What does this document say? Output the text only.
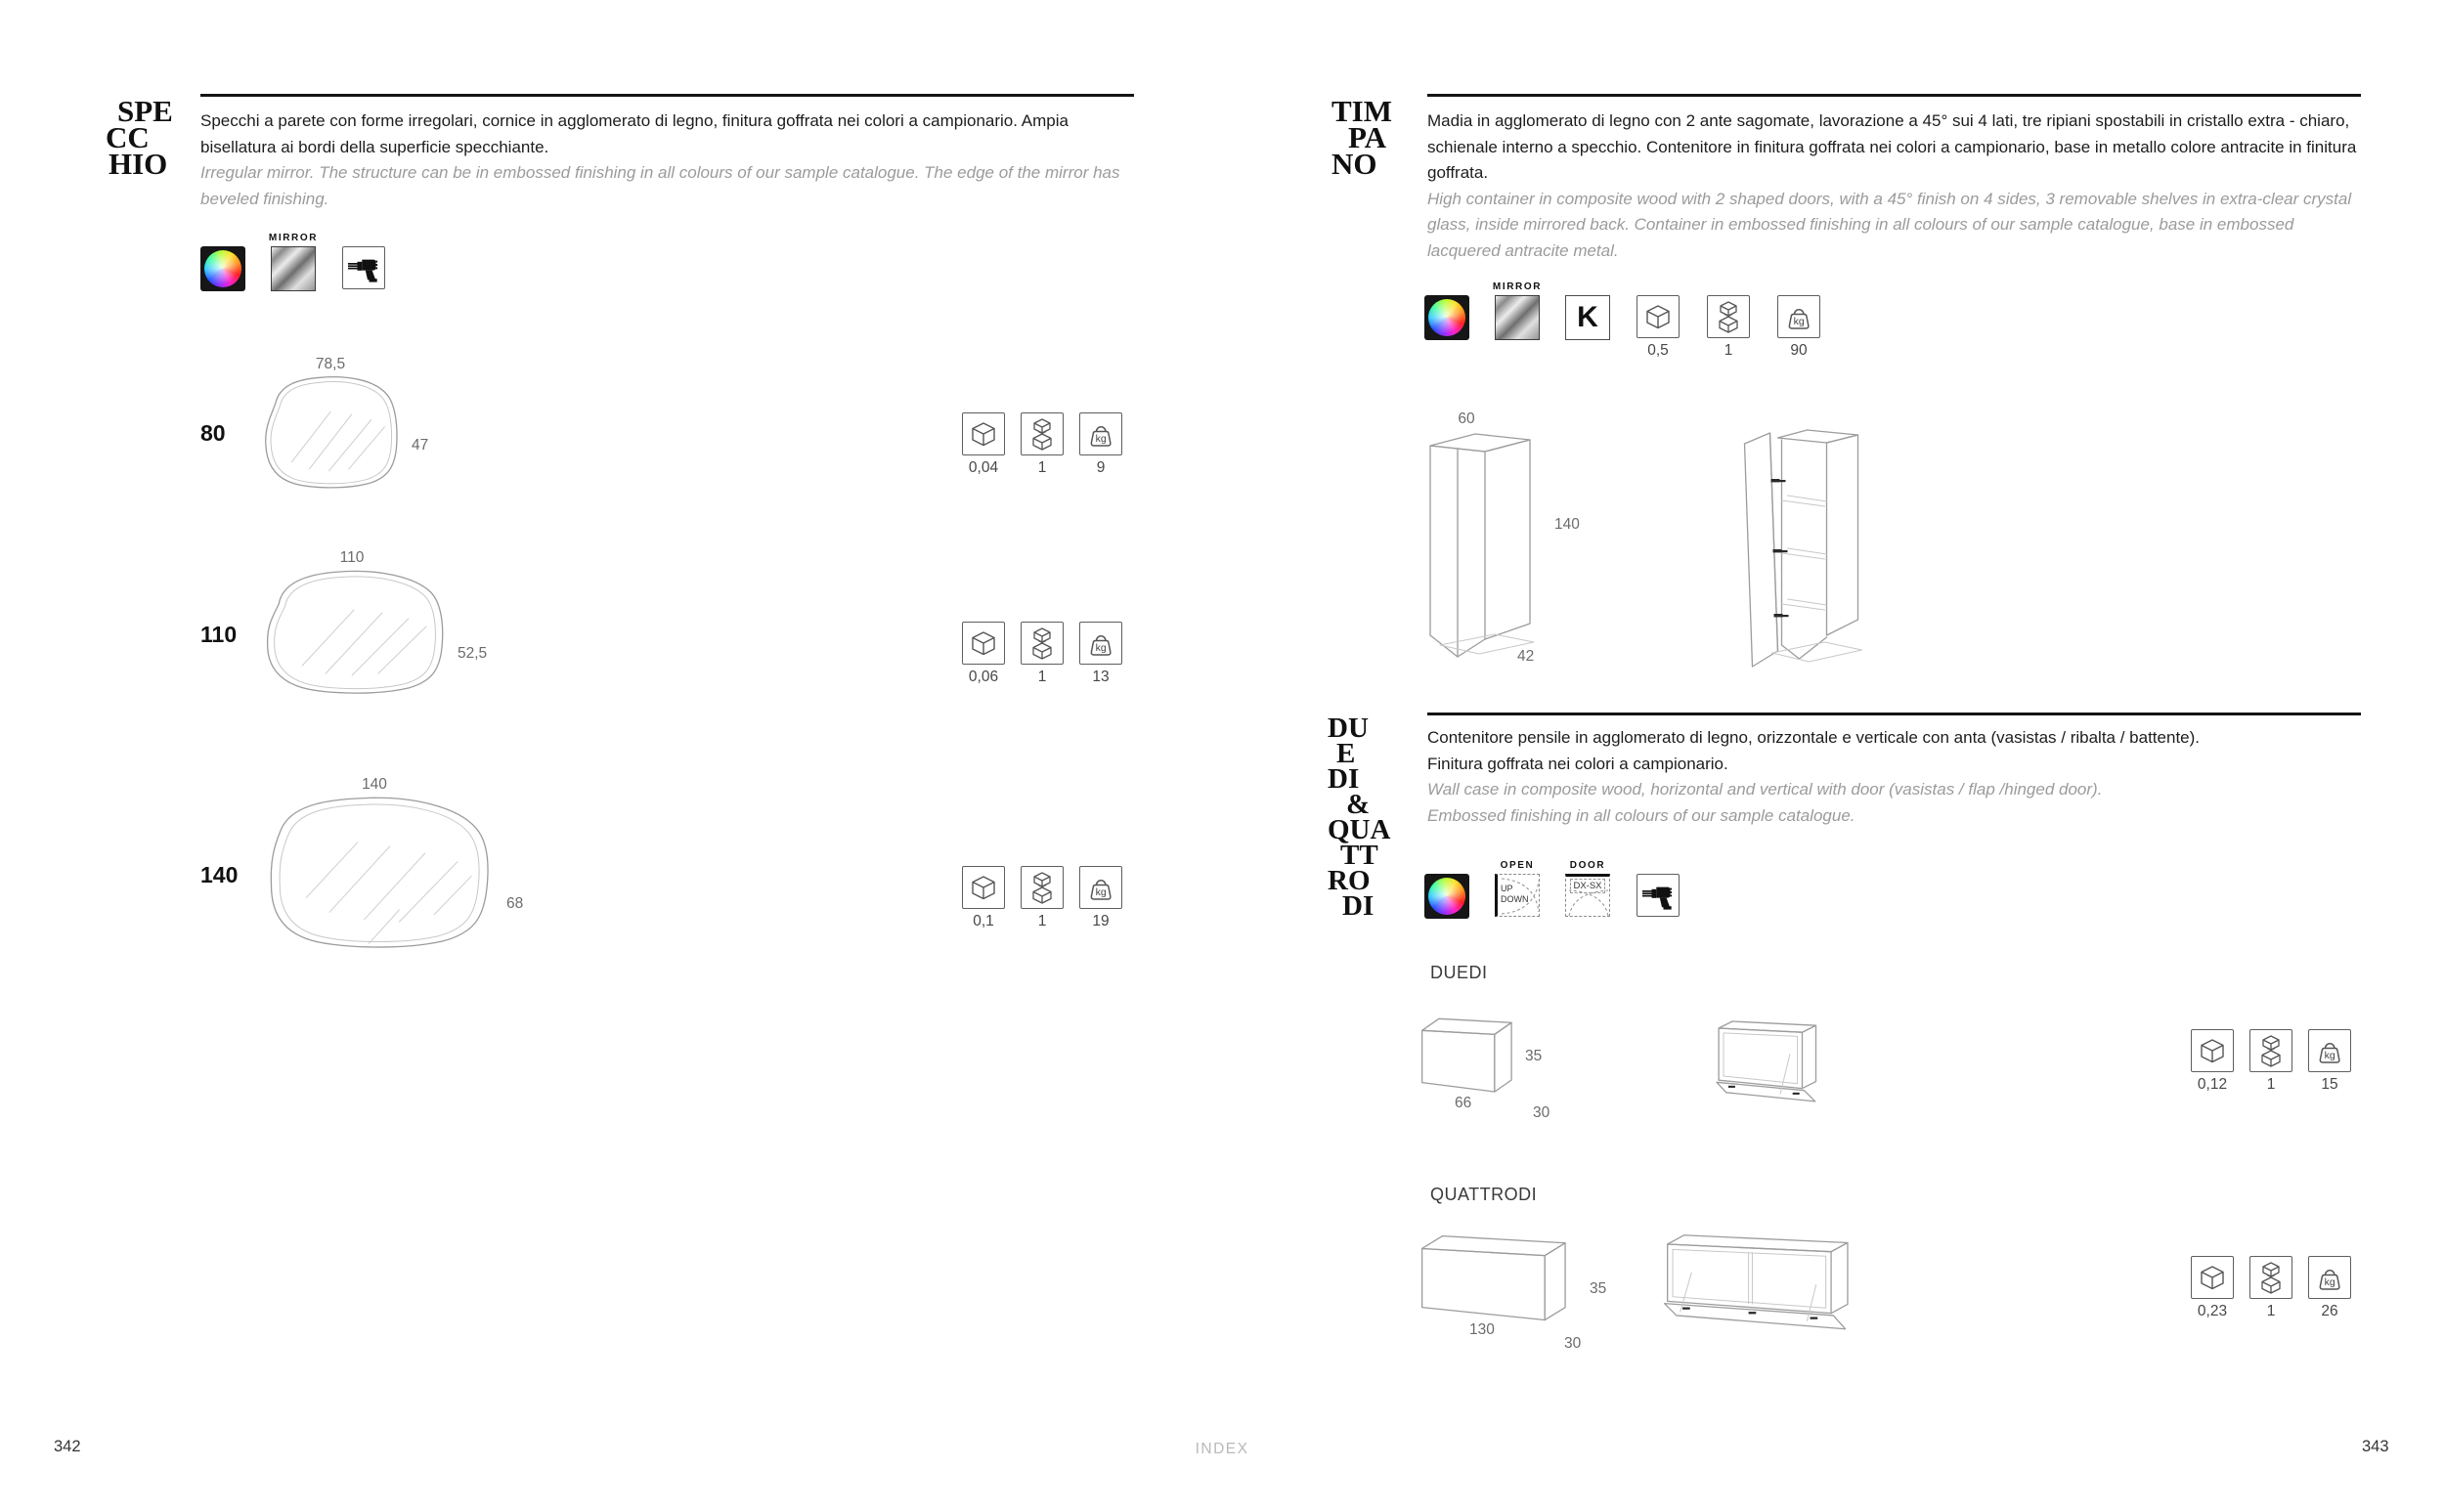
SPE
CC
HIO
Specchi a parete con forme irregolari, cornice in agglomerato di legno, finitura goffrata nei colori a campionario. Ampia bisellatura ai bordi della superficie specchiante.
Irregular mirror. The structure can be in embossed finishing in all colours of our sample catalogue. The edge of the mirror has beveled finishing.
MIRROR
80
78,5
47
0,04	1	9
110
110
52,5
0,06	1	13
140
140
68
0,1	1	19
TIM
PA
NO
Madia in agglomerato di legno con 2 ante sagomate, lavorazione a 45° sui 4 lati, tre ripiani spostabili in cristallo extra - chiaro, schienale interno a specchio. Contenitore in finitura goffrata nei colori a campionario, base in metallo colore antracite in finitura goffrata.
High container in composite wood with 2 shaped doors, with a 45° finish on 4 sides, 3 removable shelves in extra-clear crystal glass, inside mirrored back. Container in embossed finishing in all colours of our sample catalogue, base in embossed lacquered antracite metal.
MIRROR
K
0,5	1	90
60
140
42
DU
E
DI
&
QUA
TT
RO
DI
Contenitore pensile in agglomerato di legno, orizzontale e verticale con anta (vasistas / ribalta / battente).
Finitura goffrata nei colori a campionario.
Wall case in composite wood, horizontal and vertical with door (vasistas / flap /hinged door).
Embossed finishing in all colours of our sample catalogue.
OPEN
UP
DOWN
DOOR
DX-SX
DUEDI
35
66
30
0,12	1	15
QUATTRODI
35
130
30
0,23	1	26
342	INDEX	343
